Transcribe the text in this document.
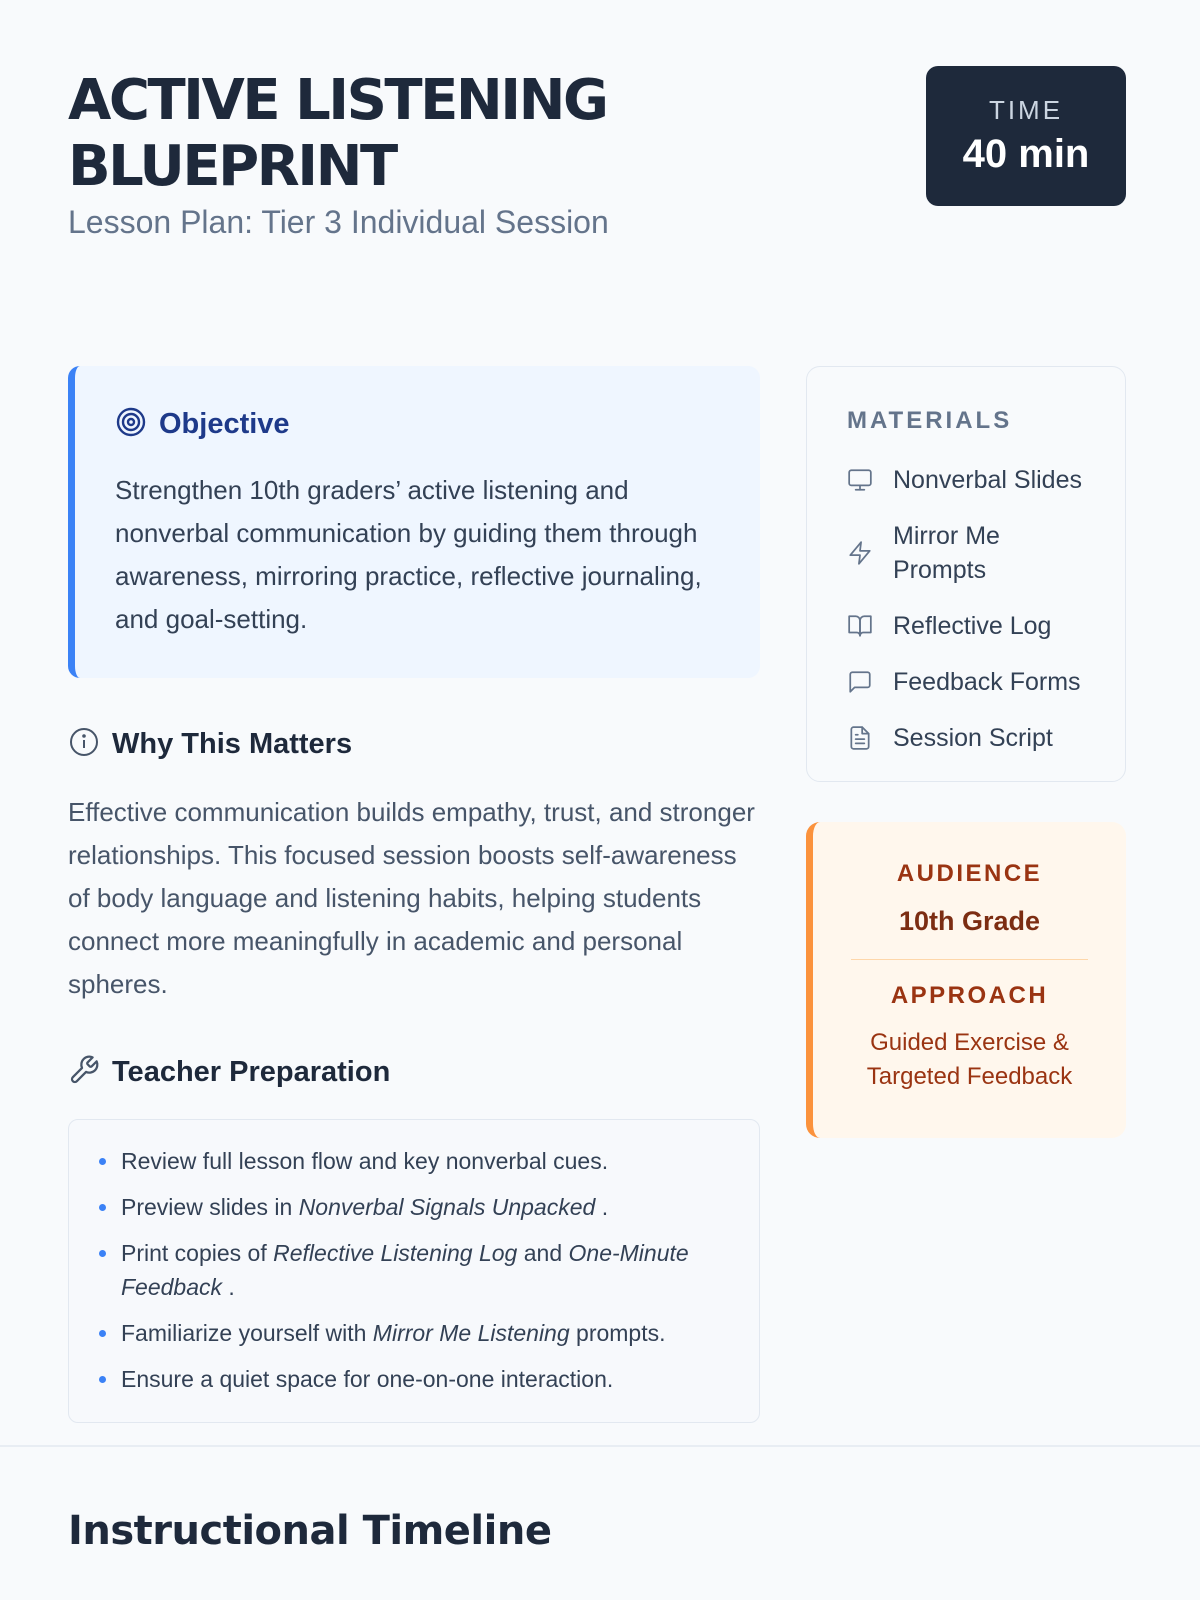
ACTIVE LISTENING BLUEPRINT
Lesson Plan: Tier 3 Individual Session
TIME
40 min
Objective

Strengthen 10th graders’ active listening and nonverbal communication by guiding them through awareness, mirroring practice, reflective journaling, and goal-setting.

Why This Matters

Effective communication builds empathy, trust, and stronger relationships. This focused session boosts self-awareness of body language and listening habits, helping students connect more meaningfully in academic and personal spheres.

Teacher Preparation
Review full lesson flow and key nonverbal cues.
Preview slides in Nonverbal Signals Unpacked .
Print copies of Reflective Listening Log and One-Minute Feedback .
Familiarize yourself with Mirror Me Listening prompts.
Ensure a quiet space for one-on-one interaction.
MATERIALS
Nonverbal Slides
Mirror Me Prompts
Reflective Log
Feedback Forms
Session Script
AUDIENCE
10th Grade
APPROACH
Guided Exercise & Targeted Feedback
Instructional Timeline
